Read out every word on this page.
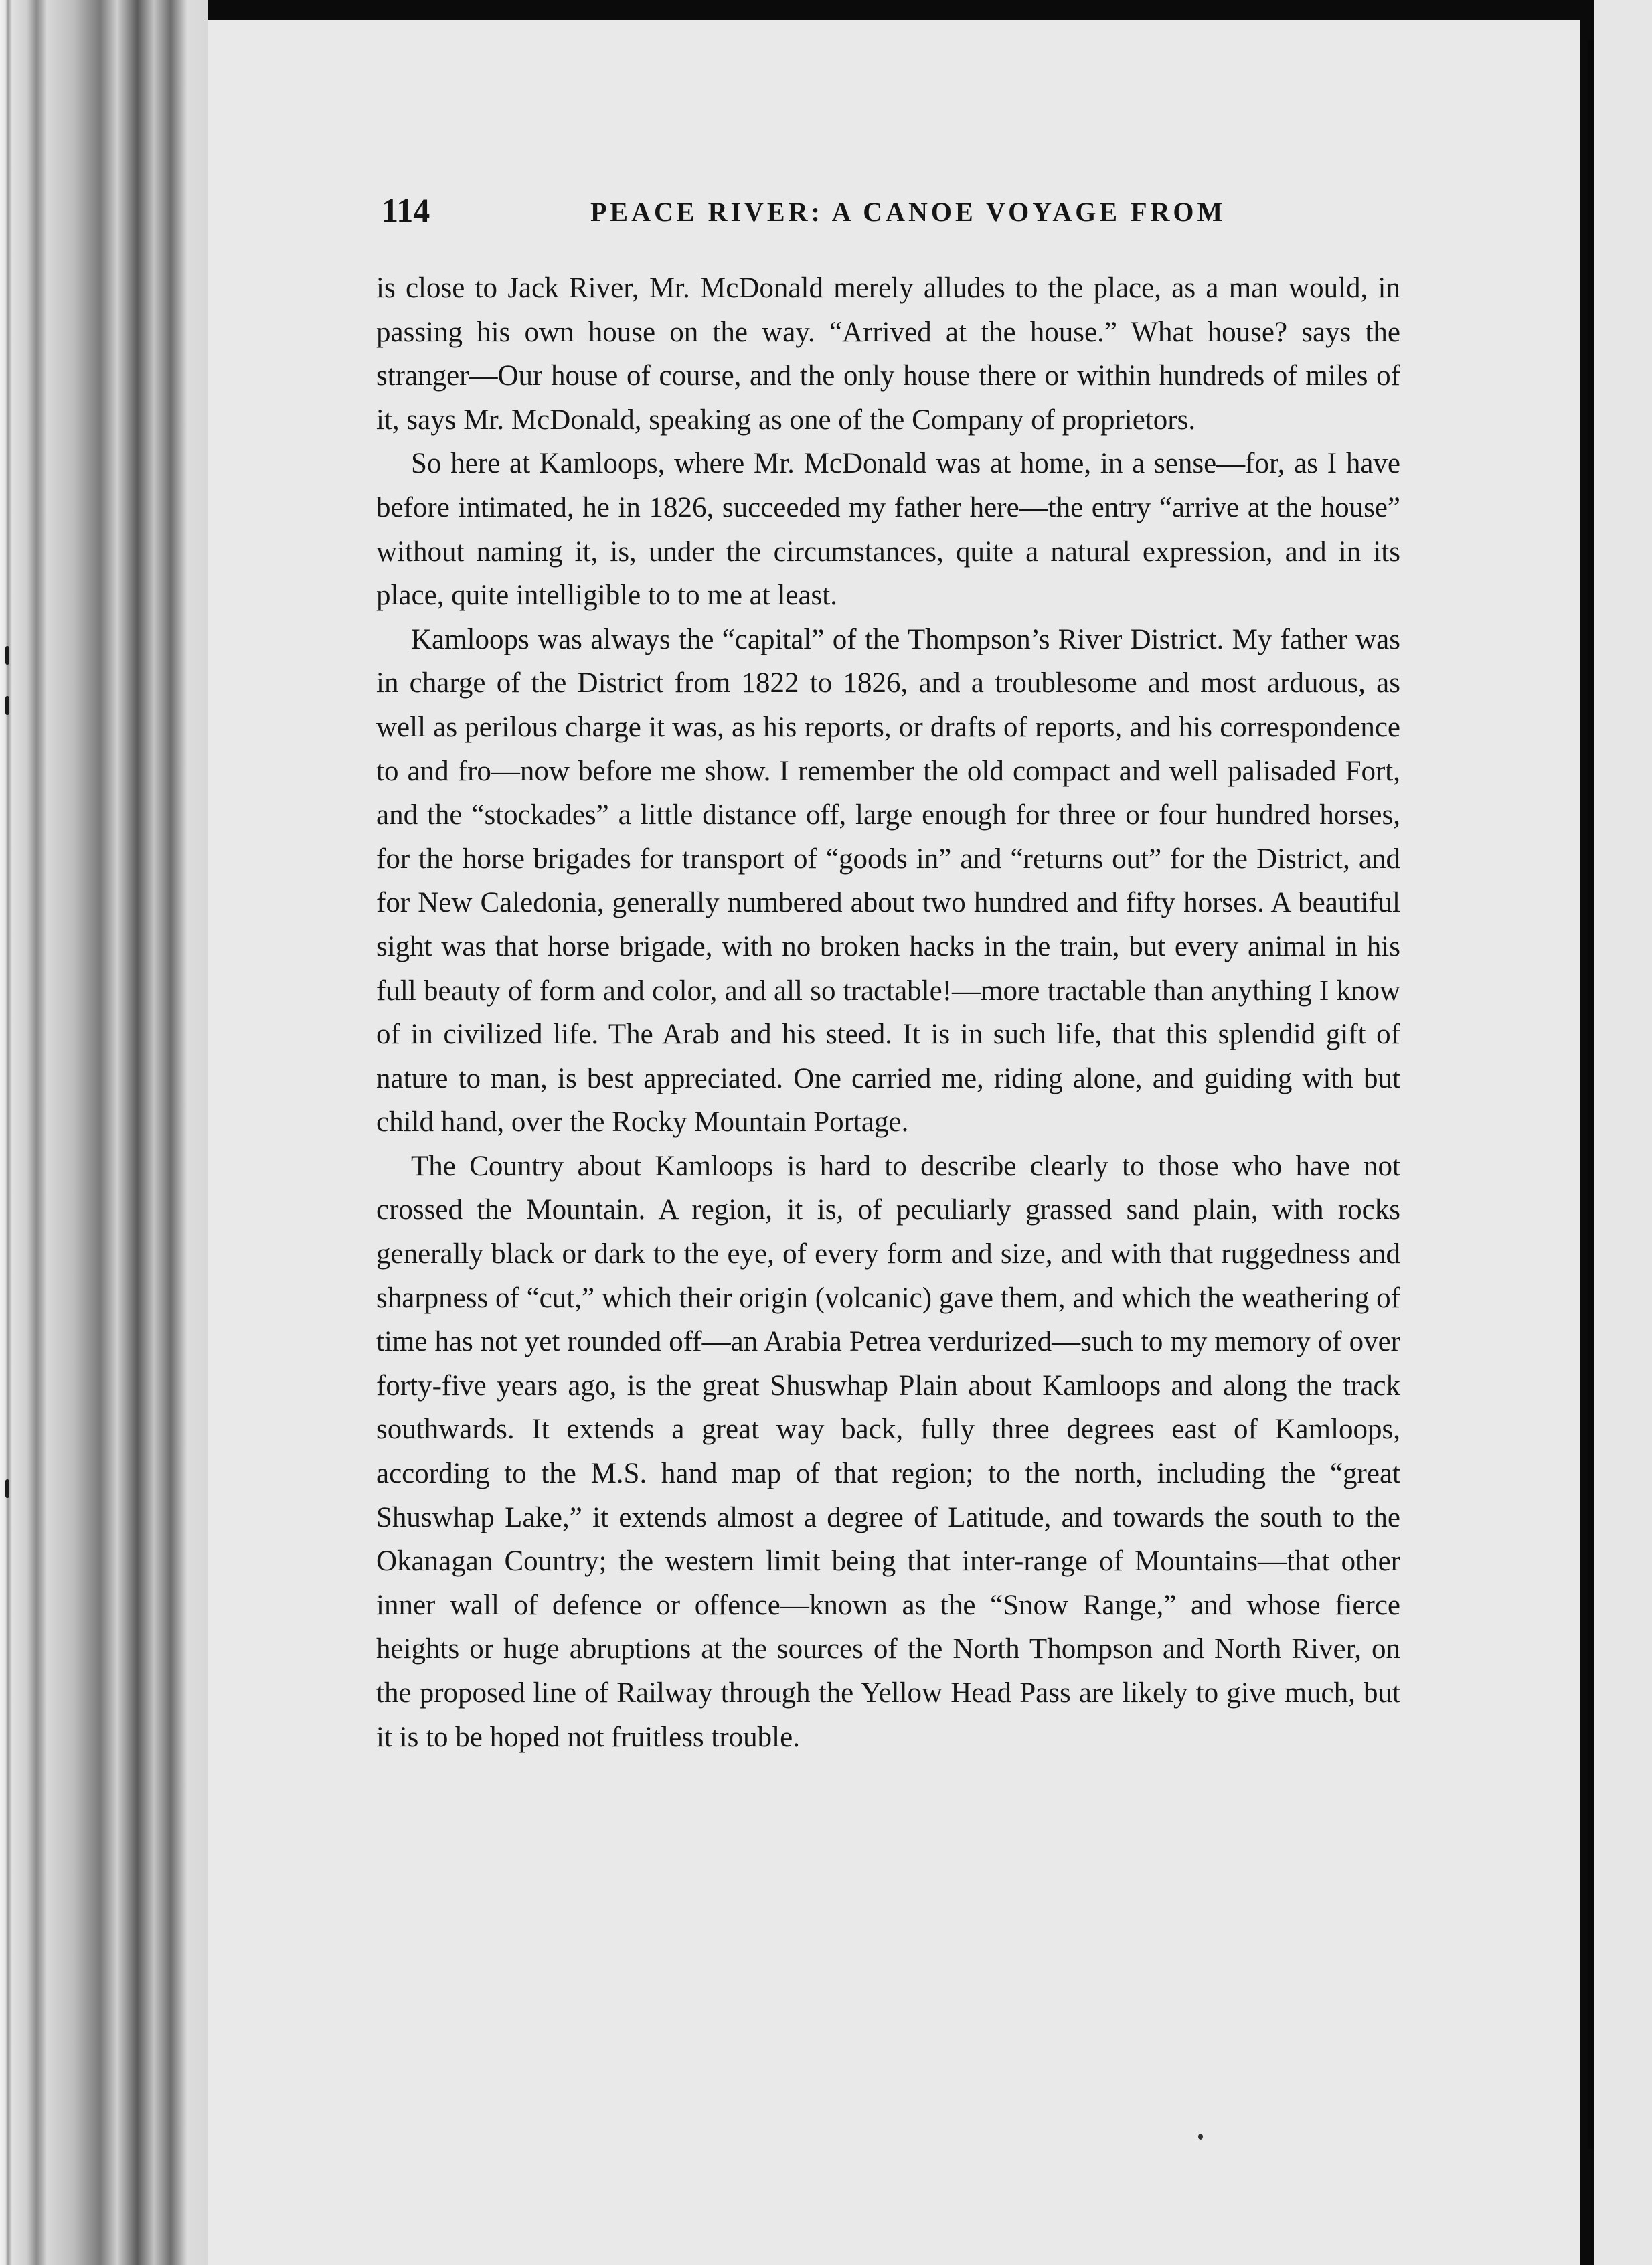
114	PEACE RIVER: A CANOE VOYAGE FROM

is close to Jack River, Mr. McDonald merely alludes to the place, as a man would, in passing his own house on the way. “Arrived at the house.” What house? says the stranger—Our house of course, and the only house there or within hundreds of miles of it, says Mr. McDonald, speaking as one of the Company of proprietors.

So here at Kamloops, where Mr. McDonald was at home, in a sense—for, as I have before intimated, he in 1826, succeeded my father here—the entry “arrive at the house” without naming it, is, under the circumstances, quite a natural expression, and in its place, quite intelligible to to me at least.

Kamloops was always the “capital” of the Thompson’s River District. My father was in charge of the District from 1822 to 1826, and a troublesome and most arduous, as well as perilous charge it was, as his reports, or drafts of reports, and his correspondence to and fro—now before me show. I remember the old compact and well palisaded Fort, and the “stockades” a little distance off, large enough for three or four hundred horses, for the horse brigades for transport of “goods in” and “returns out” for the District, and for New Caledonia, generally numbered about two hundred and fifty horses. A beautiful sight was that horse brigade, with no broken hacks in the train, but every animal in his full beauty of form and color, and all so tractable!—more tractable than anything I know of in civilized life. The Arab and his steed. It is in such life, that this splendid gift of nature to man, is best appreciated. One carried me, riding alone, and guiding with but child hand, over the Rocky Mountain Portage.

The Country about Kamloops is hard to describe clearly to those who have not crossed the Mountain. A region, it is, of peculiarly grassed sand plain, with rocks generally black or dark to the eye, of every form and size, and with that ruggedness and sharpness of “cut,” which their origin (volcanic) gave them, and which the weathering of time has not yet rounded off—an Arabia Petrea verdurized—such to my memory of over forty-five years ago, is the great Shuswhap Plain about Kamloops and along the track southwards. It extends a great way back, fully three degrees east of Kamloops, according to the M.S. hand map of that region; to the north, including the “great Shuswhap Lake,” it extends almost a degree of Latitude, and towards the south to the Okanagan Country; the western limit being that inter-range of Mountains—that other inner wall of defence or offence—known as the “Snow Range,” and whose fierce heights or huge abruptions at the sources of the North Thompson and North River, on the proposed line of Railway through the Yellow Head Pass are likely to give much, but it is to be hoped not fruitless trouble.
